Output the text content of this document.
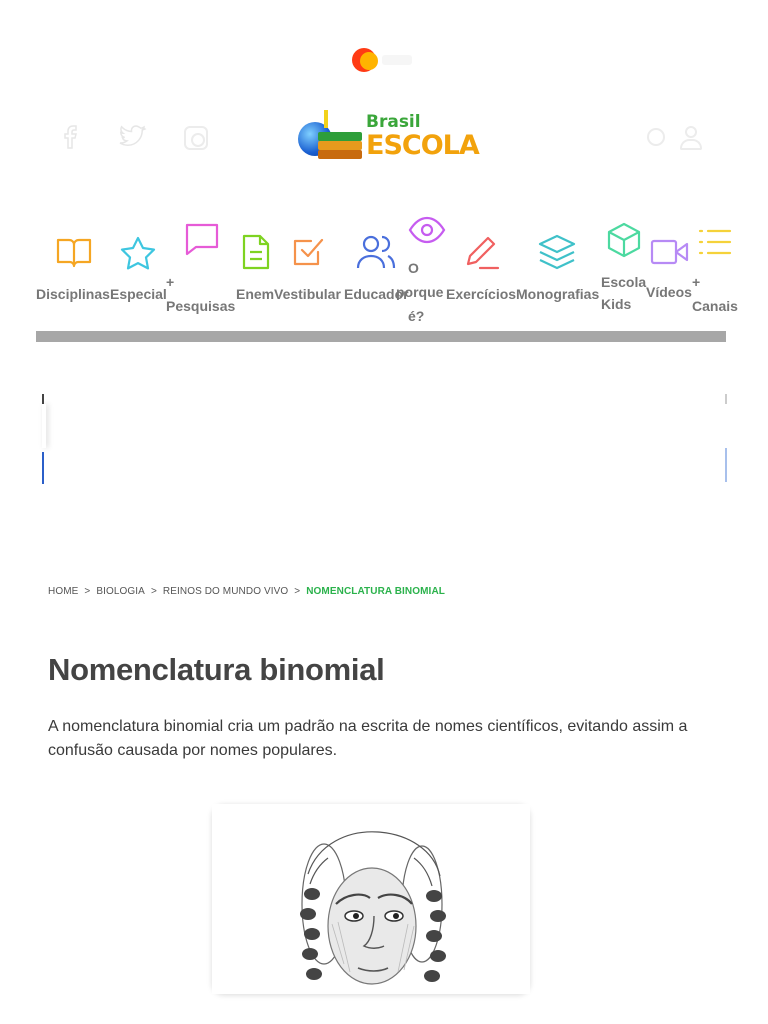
Brasil
ESCOLA
Disciplinas Especial
+
Pesquisas
Enem Vestibular Educador
O
porque
é?
Exercícios Monografias
Escola
Kids
Vídeos
+
Canais
HOME > BIOLOGIA > REINOS DO MUNDO VIVO > NOMENCLATURA BINOMIAL
Nomenclatura binomial

A nomenclatura binomial cria um padrão na escrita de nomes científicos, evitando assim a confusão causada por nomes populares.
